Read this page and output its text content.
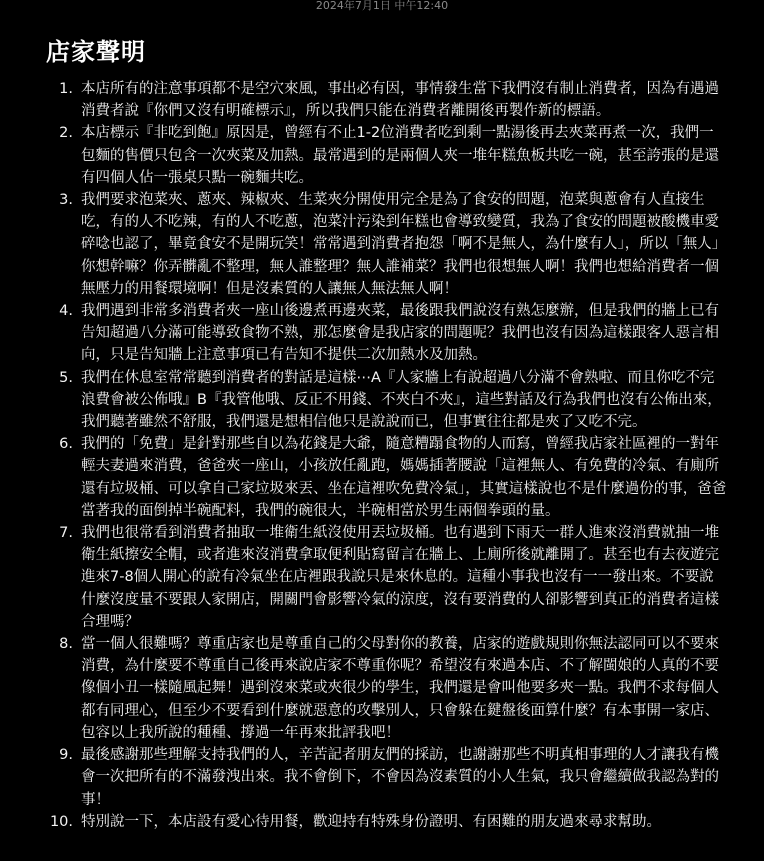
2024年7月1日 中午12:40
店家聲明
1. 本店所有的注意事項都不是空穴來風，事出必有因，事情發生當下我們沒有制止消費者，因為有遇過消費者說『你們又沒有明確標示』，所以我們只能在消費者離開後再製作新的標語。
2. 本店標示『非吃到飽』原因是，曾經有不止1-2位消費者吃到剩一點湯後再去夾菜再煮一次，我們一包麵的售價只包含一次夾菜及加熱。最常遇到的是兩個人夾一堆年糕魚板共吃一碗，甚至誇張的是還有四個人佔一張桌只點一碗麵共吃。
3. 我們要求泡菜夾、蔥夾、辣椒夾、生菜夾分開使用完全是為了食安的問題，泡菜與蔥會有人直接生吃，有的人不吃辣，有的人不吃蔥，泡菜汁污染到年糕也會導致變質，我為了食安的問題被酸機車愛碎唸也認了，畢竟食安不是開玩笑！常常遇到消費者抱怨「啊不是無人，為什麼有人」，所以「無人」你想幹嘛？你弄髒亂不整理，無人誰整理？無人誰補菜？我們也很想無人啊！我們也想給消費者一個無壓力的用餐環境啊！但是沒素質的人讓無人無法無人啊！
4. 我們遇到非常多消費者夾一座山後邊煮再邊夾菜，最後跟我們說沒有熟怎麼辦，但是我們的牆上已有告知超過八分滿可能導致食物不熟，那怎麼會是我店家的問題呢？我們也沒有因為這樣跟客人惡言相向，只是告知牆上注意事項已有告知不提供二次加熱水及加熱。
5. 我們在休息室常常聽到消費者的對話是這樣⋯A『人家牆上有說超過八分滿不會熟啦、而且你吃不完浪費會被公佈哦』B『我管他哦、反正不用錢、不夾白不夾』，這些對話及行為我們也沒有公佈出來，我們聽著雖然不舒服，我們還是想相信他只是說說而已，但事實往往都是夾了又吃不完。
6. 我們的「免費」是針對那些自以為花錢是大爺，隨意糟蹋食物的人而寫，曾經我店家社區裡的一對年輕夫妻過來消費，爸爸夾一座山，小孩放任亂跑，媽媽插著腰說「這裡無人、有免費的冷氣、有廁所還有垃圾桶、可以拿自己家垃圾來丟、坐在這裡吹免費冷氣」，其實這樣說也不是什麼過份的事，爸爸當著我的面倒掉半碗配料，我們的碗很大，半碗相當於男生兩個拳頭的量。
7. 我們也很常看到消費者抽取一堆衛生紙沒使用丟垃圾桶。也有遇到下雨天一群人進來沒消費就抽一堆衛生紙擦安全帽，或者進來沒消費拿取便利貼寫留言在牆上、上廁所後就離開了。甚至也有去夜遊完進來7-8個人開心的說有冷氣坐在店裡跟我說只是來休息的。這種小事我也沒有一一發出來。不要說什麼沒度量不要跟人家開店，開關門會影響冷氣的涼度，沒有要消費的人卻影響到真正的消費者這樣合理嗎？
8. 當一個人很難嗎？尊重店家也是尊重自己的父母對你的教養，店家的遊戲規則你無法認同可以不要來消費，為什麼要不尊重自己後再來說店家不尊重你呢？希望沒有來過本店、不了解閩娘的人真的不要像個小丑一樣隨風起舞！遇到沒來菜或夾很少的學生，我們還是會叫他要多夾一點。我們不求每個人都有同理心，但至少不要看到什麼就惡意的攻擊別人，只會躲在鍵盤後面算什麼？有本事開一家店、包容以上我所說的種種、撐過一年再來批評我吧！
9. 最後感謝那些理解支持我們的人，辛苦記者朋友們的採訪，也謝謝那些不明真相事理的人才讓我有機會一次把所有的不滿發洩出來。我不會倒下，不會因為沒素質的小人生氣，我只會繼續做我認為對的事！
10. 特別說一下，本店設有愛心待用餐，歡迎持有特殊身份證明、有困難的朋友過來尋求幫助。
